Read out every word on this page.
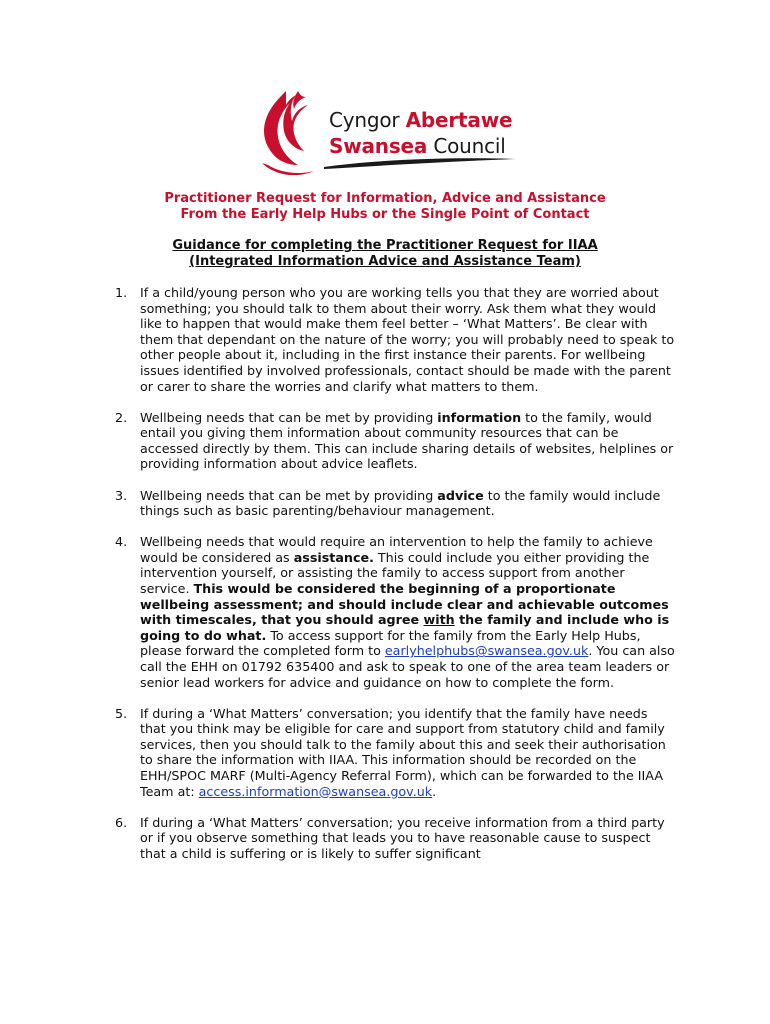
Cyngor Abertawe
Swansea Council
Practitioner Request for Information, Advice and Assistance
From the Early Help Hubs or the Single Point of Contact
Guidance for completing the Practitioner Request for IIAA
(Integrated Information Advice and Assistance Team)
1. If a child/young person who you are working tells you that they are worried about something; you should talk to them about their worry. Ask them what they would like to happen that would make them feel better – ‘What Matters’. Be clear with them that dependant on the nature of the worry; you will probably need to speak to other people about it, including in the first instance their parents. For wellbeing issues identified by involved professionals, contact should be made with the parent or carer to share the worries and clarify what matters to them.
2. Wellbeing needs that can be met by providing information to the family, would entail you giving them information about community resources that can be accessed directly by them. This can include sharing details of websites, helplines or providing information about advice leaflets.
3. Wellbeing needs that can be met by providing advice to the family would include things such as basic parenting/behaviour management.
4. Wellbeing needs that would require an intervention to help the family to achieve would be considered as assistance. This could include you either providing the intervention yourself, or assisting the family to access support from another service. This would be considered the beginning of a proportionate wellbeing assessment; and should include clear and achievable outcomes with timescales, that you should agree with the family and include who is going to do what. To access support for the family from the Early Help Hubs, please forward the completed form to earlyhelphubs@swansea.gov.uk. You can also call the EHH on 01792 635400 and ask to speak to one of the area team leaders or senior lead workers for advice and guidance on how to complete the form.
5. If during a ‘What Matters’ conversation; you identify that the family have needs that you think may be eligible for care and support from statutory child and family services, then you should talk to the family about this and seek their authorisation to share the information with IIAA. This information should be recorded on the EHH/SPOC MARF (Multi-Agency Referral Form), which can be forwarded to the IIAA Team at: access.information@swansea.gov.uk.
6. If during a ‘What Matters’ conversation; you receive information from a third party or if you observe something that leads you to have reasonable cause to suspect that a child is suffering or is likely to suffer significant
